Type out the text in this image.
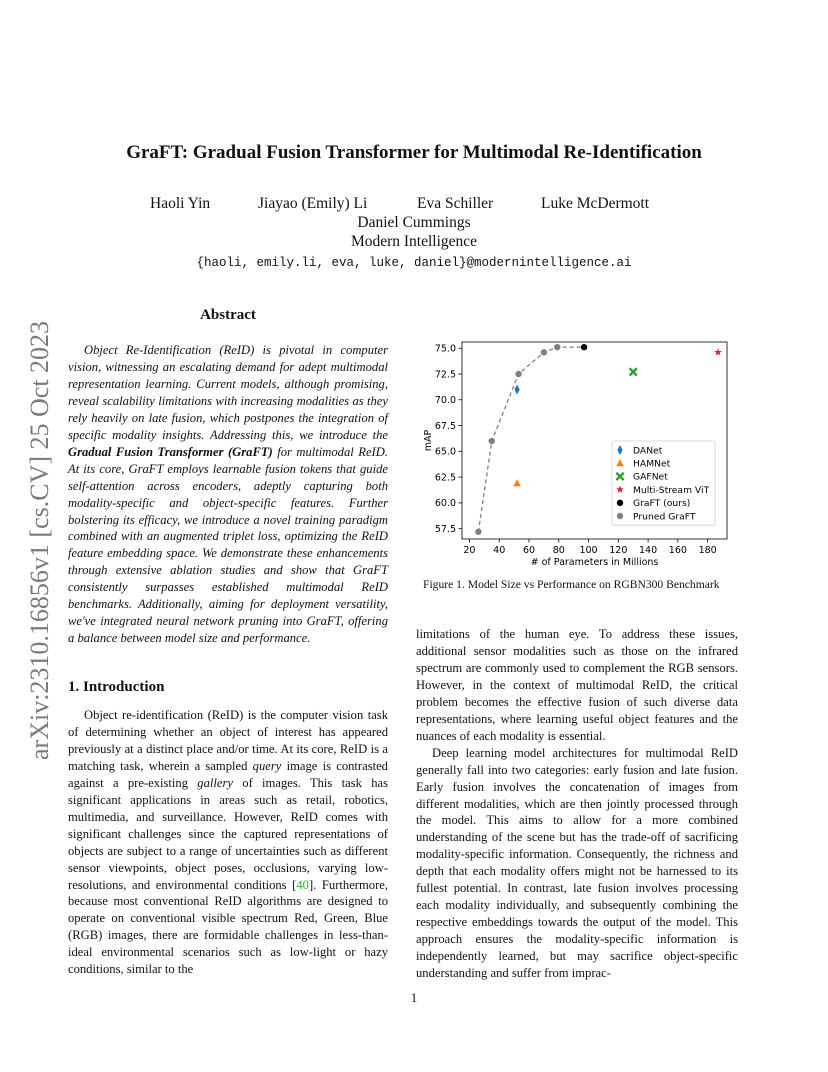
arXiv:2310.16856v1 [cs.CV] 25 Oct 2023
GraFT: Gradual Fusion Transformer for Multimodal Re-Identification
Haoli Yin	Jiayao (Emily) Li	Eva Schiller	Luke McDermott
Daniel Cummings
Modern Intelligence
{haoli, emily.li, eva, luke, daniel}@modernintelligence.ai
Abstract
Object Re-Identification (ReID) is pivotal in computer vision, witnessing an escalating demand for adept multimodal representation learning. Current models, although promising, reveal scalability limitations with increasing modalities as they rely heavily on late fusion, which postpones the integration of specific modality insights. Addressing this, we introduce the Gradual Fusion Transformer (GraFT) for multimodal ReID. At its core, GraFT employs learnable fusion tokens that guide self-attention across encoders, adeptly capturing both modality-specific and object-specific features. Further bolstering its efficacy, we introduce a novel training paradigm combined with an augmented triplet loss, optimizing the ReID feature embedding space. We demonstrate these enhancements through extensive ablation studies and show that GraFT consistently surpasses established multimodal ReID benchmarks. Additionally, aiming for deployment versatility, we've integrated neural network pruning into GraFT, offering a balance between model size and performance.
1. Introduction
Object re-identification (ReID) is the computer vision task of determining whether an object of interest has appeared previously at a distinct place and/or time. At its core, ReID is a matching task, wherein a sampled query image is contrasted against a pre-existing gallery of images. This task has significant applications in areas such as retail, robotics, multimedia, and surveillance. However, ReID comes with significant challenges since the captured representations of objects are subject to a range of uncertainties such as different sensor viewpoints, object poses, occlusions, varying low-resolutions, and environmental conditions [40]. Furthermore, because most conventional ReID algorithms are designed to operate on conventional visible spectrum Red, Green, Blue (RGB) images, there are formidable challenges in less-than-ideal environmental scenarios such as low-light or hazy conditions, similar to the
20 40 60 80 100 120 140 160 180
57.5
60.0
62.5
65.0
67.5
70.0
72.5
75.0
# of Parameters in Millions
mAP	DANet
HAMNet
GAFNet
Multi-Stream ViT
GraFT (ours)
Pruned GraFT
Figure 1. Model Size vs Performance on RGBN300 Benchmark

limitations of the human eye. To address these issues, additional sensor modalities such as those on the infrared spectrum are commonly used to complement the RGB sensors. However, in the context of multimodal ReID, the critical problem becomes the effective fusion of such diverse data representations, where learning useful object features and the nuances of each modality is essential.

Deep learning model architectures for multimodal ReID generally fall into two categories: early fusion and late fusion. Early fusion involves the concatenation of images from different modalities, which are then jointly processed through the model. This aims to allow for a more combined understanding of the scene but has the trade-off of sacrificing modality-specific information. Consequently, the richness and depth that each modality offers might not be harnessed to its fullest potential. In contrast, late fusion involves processing each modality individually, and subsequently combining the respective embeddings towards the output of the model. This approach ensures the modality-specific information is independently learned, but may sacrifice object-specific understanding and suffer from imprac-

1
